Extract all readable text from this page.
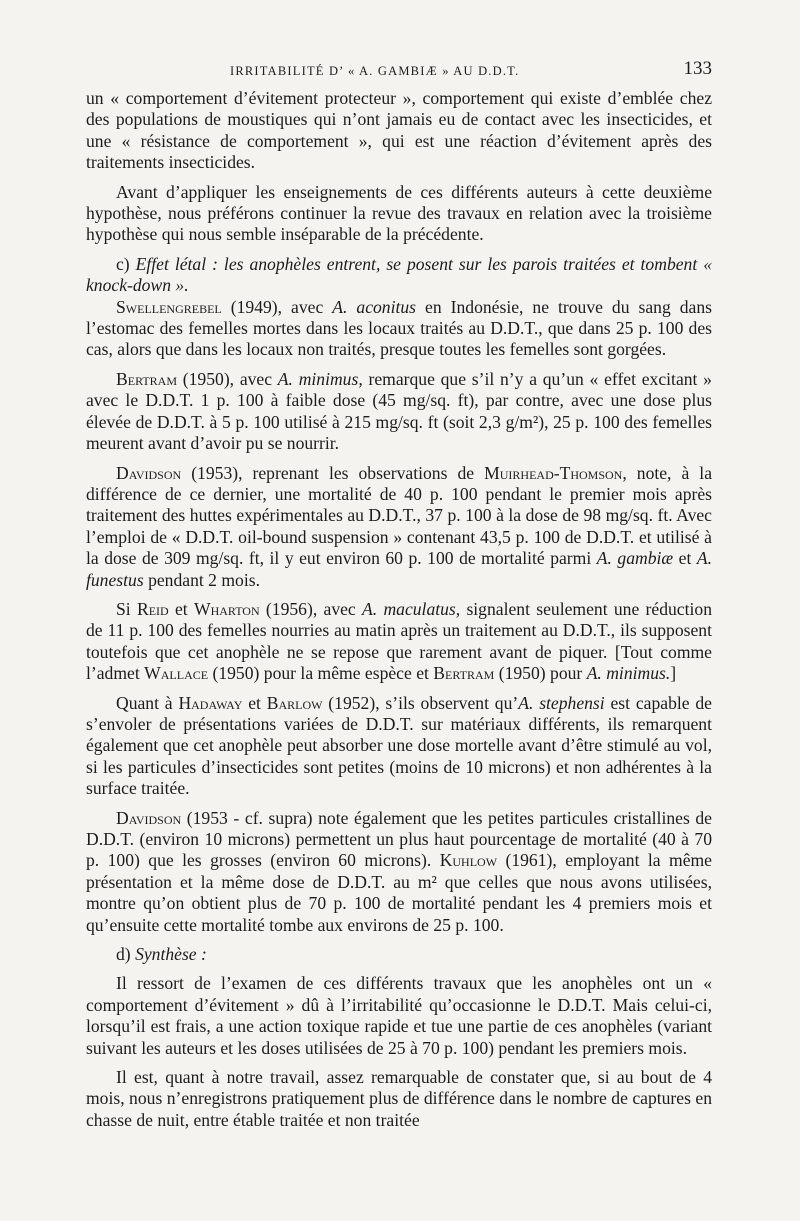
IRRITABILITÉ D’ « A. GAMBIÆ » AU D.D.T.	133

un « comportement d’évitement protecteur », comportement qui existe d’emblée chez des populations de moustiques qui n’ont jamais eu de contact avec les insecticides, et une « résistance de comportement », qui est une réaction d’évitement après des traitements insecticides.

Avant d’appliquer les enseignements de ces différents auteurs à cette deuxième hypothèse, nous préférons continuer la revue des travaux en relation avec la troisième hypothèse qui nous semble inséparable de la précédente.

c) Effet létal : les anophèles entrent, se posent sur les parois traitées et tombent « knock-down ».

Swellengrebel (1949), avec A. aconitus en Indonésie, ne trouve du sang dans l’estomac des femelles mortes dans les locaux traités au D.D.T., que dans 25 p. 100 des cas, alors que dans les locaux non traités, presque toutes les femelles sont gorgées.

Bertram (1950), avec A. minimus, remarque que s’il n’y a qu’un « effet excitant » avec le D.D.T. 1 p. 100 à faible dose (45 mg/sq. ft), par contre, avec une dose plus élevée de D.D.T. à 5 p. 100 utilisé à 215 mg/sq. ft (soit 2,3 g/m²), 25 p. 100 des femelles meurent avant d’avoir pu se nourrir.

Davidson (1953), reprenant les observations de Muirhead-Thomson, note, à la différence de ce dernier, une mortalité de 40 p. 100 pendant le premier mois après traitement des huttes expérimentales au D.D.T., 37 p. 100 à la dose de 98 mg/sq. ft. Avec l’emploi de « D.D.T. oil-bound suspension » contenant 43,5 p. 100 de D.D.T. et utilisé à la dose de 309 mg/sq. ft, il y eut environ 60 p. 100 de mortalité parmi A. gambiæ et A. funestus pendant 2 mois.

Si Reid et Wharton (1956), avec A. maculatus, signalent seulement une réduction de 11 p. 100 des femelles nourries au matin après un traitement au D.D.T., ils supposent toutefois que cet anophèle ne se repose que rarement avant de piquer. [Tout comme l’admet Wallace (1950) pour la même espèce et Bertram (1950) pour A. minimus.]

Quant à Hadaway et Barlow (1952), s’ils observent qu’A. stephensi est capable de s’envoler de présentations variées de D.D.T. sur matériaux différents, ils remarquent également que cet anophèle peut absorber une dose mortelle avant d’être stimulé au vol, si les particules d’insecticides sont petites (moins de 10 microns) et non adhérentes à la surface traitée.

Davidson (1953 - cf. supra) note également que les petites particules cristallines de D.D.T. (environ 10 microns) permettent un plus haut pourcentage de mortalité (40 à 70 p. 100) que les grosses (environ 60 microns). Kuhlow (1961), employant la même présentation et la même dose de D.D.T. au m² que celles que nous avons utilisées, montre qu’on obtient plus de 70 p. 100 de mortalité pendant les 4 premiers mois et qu’ensuite cette mortalité tombe aux environs de 25 p. 100.

d) Synthèse :

Il ressort de l’examen de ces différents travaux que les anophèles ont un « comportement d’évitement » dû à l’irritabilité qu’occasionne le D.D.T. Mais celui-ci, lorsqu’il est frais, a une action toxique rapide et tue une partie de ces anophèles (variant suivant les auteurs et les doses utilisées de 25 à 70 p. 100) pendant les premiers mois.

Il est, quant à notre travail, assez remarquable de constater que, si au bout de 4 mois, nous n’enregistrons pratiquement plus de différence dans le nombre de captures en chasse de nuit, entre étable traitée et non traitée
